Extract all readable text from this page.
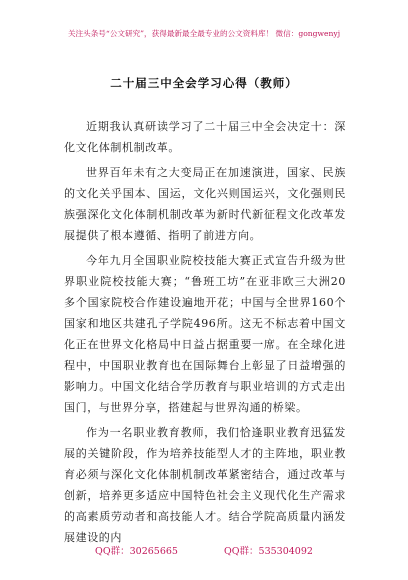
关注头条号“公文研究”，获得最新最全最专业的公文资料库！ 微信：gongwenyj
二十届三中全会学习心得（教师）

近期我认真研读学习了二十届三中全会决定十：深化文化体制机制改革。

世界百年未有之大变局正在加速演进，国家、民族的文化关乎国本、国运，文化兴则国运兴，文化强则民族强深化文化体制机制改革为新时代新征程文化改革发展提供了根本遵循、指明了前进方向。

今年九月全国职业院校技能大赛正式宣告升级为世界职业院校技能大赛；“鲁班工坊”在亚非欧三大洲20多个国家院校合作建设遍地开花；中国与全世界160个国家和地区共建孔子学院496所。这无不标志着中国文化正在世界文化格局中日益占据重要一席。在全球化进程中，中国职业教育也在国际舞台上彰显了日益增强的影响力。中国文化结合学历教育与职业培训的方式走出国门，与世界分享，搭建起与世界沟通的桥梁。

作为一名职业教育教师，我们恰逢职业教育迅猛发展的关键阶段，作为培养技能型人才的主阵地，职业教育必须与深化文化体制机制改革紧密结合，通过改革与创新，培养更多适应中国特色社会主义现代化生产需求的高素质劳动者和高技能人才。结合学院高质量内涵发展建设的内

QQ群：30265665	QQ群：535304092
